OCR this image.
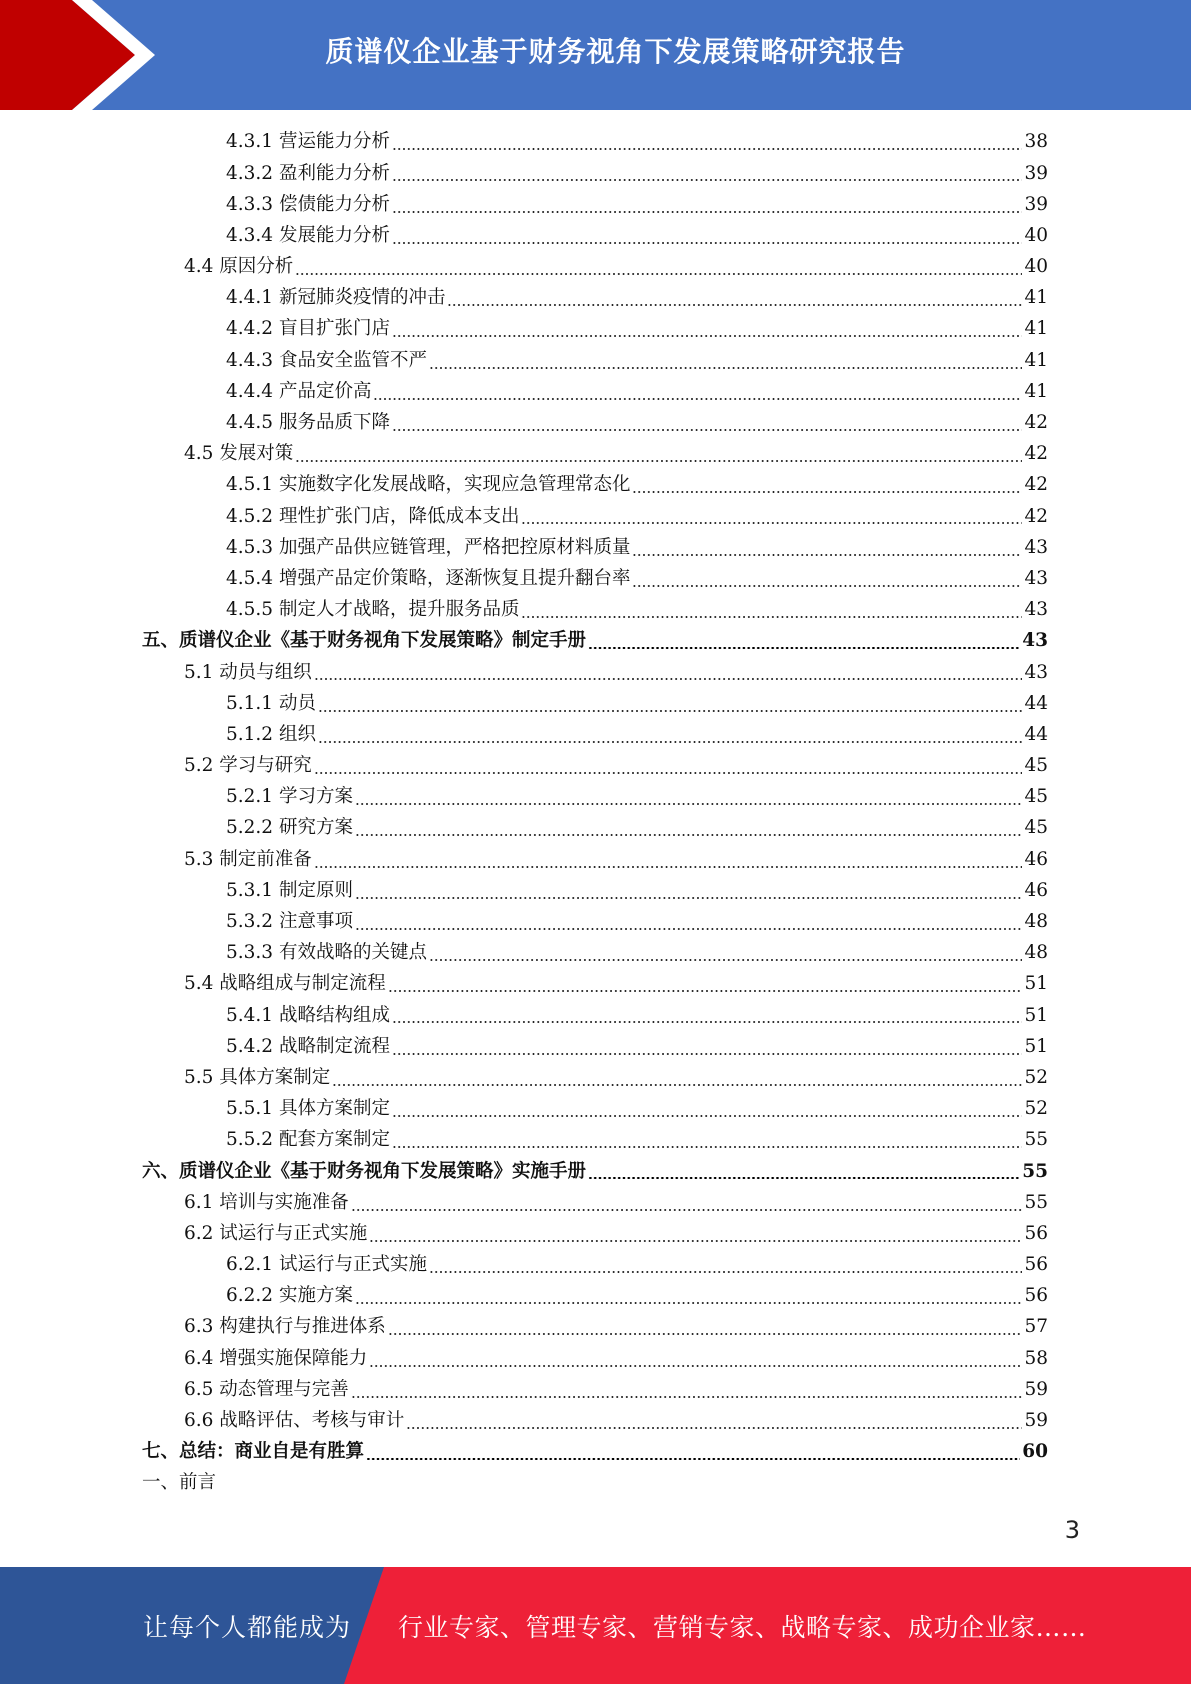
质谱仪企业基于财务视角下发展策略研究报告
4.3.1 营运能力分析	38
4.3.2 盈利能力分析	39
4.3.3 偿债能力分析	39
4.3.4 发展能力分析	40
4.4 原因分析	40
4.4.1 新冠肺炎疫情的冲击	41
4.4.2 盲目扩张门店	41
4.4.3 食品安全监管不严	41
4.4.4 产品定价高	41
4.4.5 服务品质下降	42
4.5 发展对策	42
4.5.1 实施数字化发展战略，实现应急管理常态化	42
4.5.2 理性扩张门店，降低成本支出	42
4.5.3 加强产品供应链管理，严格把控原材料质量	43
4.5.4 增强产品定价策略，逐渐恢复且提升翻台率	43
4.5.5 制定人才战略，提升服务品质	43
五、质谱仪企业《基于财务视角下发展策略》制定手册	43
5.1 动员与组织	43
5.1.1 动员	44
5.1.2 组织	44
5.2 学习与研究	45
5.2.1 学习方案	45
5.2.2 研究方案	45
5.3 制定前准备	46
5.3.1 制定原则	46
5.3.2 注意事项	48
5.3.3 有效战略的关键点	48
5.4 战略组成与制定流程	51
5.4.1 战略结构组成	51
5.4.2 战略制定流程	51
5.5 具体方案制定	52
5.5.1 具体方案制定	52
5.5.2 配套方案制定	55
六、质谱仪企业《基于财务视角下发展策略》实施手册	55
6.1 培训与实施准备	55
6.2 试运行与正式实施	56
6.2.1 试运行与正式实施	56
6.2.2 实施方案	56
6.3 构建执行与推进体系	57
6.4 增强实施保障能力	58
6.5 动态管理与完善	59
6.6 战略评估、考核与审计	59
七、总结：商业自是有胜算	60
一、前言
3
让每个人都能成为 行业专家、管理专家、营销专家、战略专家、成功企业家……
